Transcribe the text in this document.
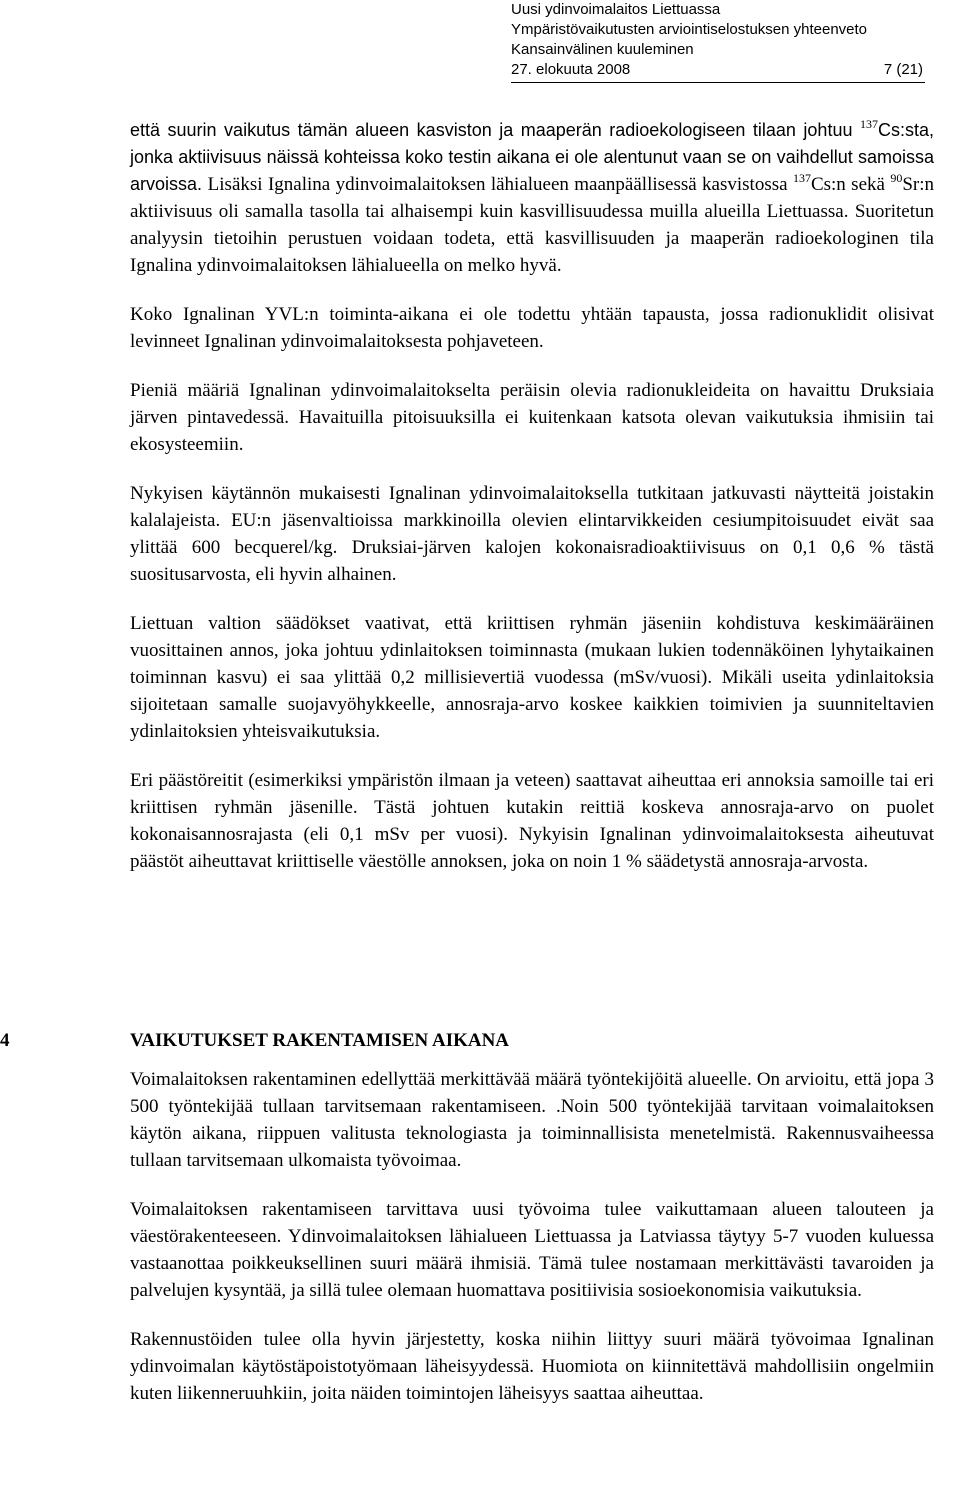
Uusi ydinvoimalaitos Liettuassa
Ympäristövaikutusten arviointiselostuksen yhteenveto
Kansainvälinen kuuleminen
27. elokuuta 2008	7 (21)

että suurin vaikutus tämän alueen kasviston ja maaperän radioekologiseen tilaan johtuu $^{137}$Cs:sta, jonka aktiivisuus näissä kohteissa koko testin aikana ei ole alentunut vaan se on vaihdellut samoissa arvoissa. Lisäksi Ignalina ydinvoimalaitoksen lähialueen maanpäällisessä kasvistossa $^{137}$Cs:n sekä $^{90}$Sr:n aktiivisuus oli samalla tasolla tai alhaisempi kuin kasvillisuudessa muilla alueilla Liettuassa. Suoritetun analyysin tietoihin perustuen voidaan todeta, että kasvillisuuden ja maaperän radioekologinen tila Ignalina ydinvoimalaitoksen lähialueella on melko hyvä.

Koko Ignalinan YVL:n toiminta-aikana ei ole todettu yhtään tapausta, jossa radionuklidit olisivat levinneet Ignalinan ydinvoimalaitoksesta pohjaveteen.

Pieniä määriä Ignalinan ydinvoimalaitokselta peräisin olevia radionukleideita on havaittu Druksiaia järven pintavedessä. Havaituilla pitoisuuksilla ei kuitenkaan katsota olevan vaikutuksia ihmisiin tai ekosysteemiin.

Nykyisen käytännön mukaisesti Ignalinan ydinvoimalaitoksella tutkitaan jatkuvasti näytteitä joistakin kalalajeista. EU:n jäsenvaltioissa markkinoilla olevien elintarvikkeiden cesiumpitoisuudet eivät saa ylittää 600 becquerel/kg. Druksiai-järven kalojen kokonaisradioaktiivisuus on 0,1 0,6 % tästä suositusarvosta, eli hyvin alhainen.

Liettuan valtion säädökset vaativat, että kriittisen ryhmän jäseniin kohdistuva keskimääräinen vuosittainen annos, joka johtuu ydinlaitoksen toiminnasta (mukaan lukien todennäköinen lyhytaikainen toiminnan kasvu) ei saa ylittää 0,2 millisievertiä vuodessa (mSv/vuosi). Mikäli useita ydinlaitoksia sijoitetaan samalle suojavyöhykkeelle, annosraja-arvo koskee kaikkien toimivien ja suunniteltavien ydinlaitoksien yhteisvaikutuksia.

Eri päästöreitit (esimerkiksi ympäristön ilmaan ja veteen) saattavat aiheuttaa eri annoksia samoille tai eri kriittisen ryhmän jäsenille. Tästä johtuen kutakin reittiä koskeva annosraja-arvo on puolet kokonaisannosrajasta (eli 0,1 mSv per vuosi). Nykyisin Ignalinan ydinvoimalaitoksesta aiheutuvat päästöt aiheuttavat kriittiselle väestölle annoksen, joka on noin 1 % säädetystä annosraja-arvosta.

4	VAIKUTUKSET RAKENTAMISEN AIKANA

Voimalaitoksen rakentaminen edellyttää merkittävää määrä työntekijöitä alueelle. On arvioitu, että jopa 3 500 työntekijää tullaan tarvitsemaan rakentamiseen. .Noin 500 työntekijää tarvitaan voimalaitoksen käytön aikana, riippuen valitusta teknologiasta ja toiminnallisista menetelmistä. Rakennusvaiheessa tullaan tarvitsemaan ulkomaista työvoimaa.

Voimalaitoksen rakentamiseen tarvittava uusi työvoima tulee vaikuttamaan alueen talouteen ja väestörakenteeseen. Ydinvoimalaitoksen lähialueen Liettuassa ja Latviassa täytyy 5-7 vuoden kuluessa vastaanottaa poikkeuksellinen suuri määrä ihmisiä. Tämä tulee nostamaan merkittävästi tavaroiden ja palvelujen kysyntää, ja sillä tulee olemaan huomattava positiivisia sosioekonomisia vaikutuksia.

Rakennustöiden tulee olla hyvin järjestetty, koska niihin liittyy suuri määrä työvoimaa Ignalinan ydinvoimalan käytöstäpoistotyömaan läheisyydessä. Huomiota on kiinnitettävä mahdollisiin ongelmiin kuten liikenneruuhkiin, joita näiden toimintojen läheisyys saattaa aiheuttaa.
